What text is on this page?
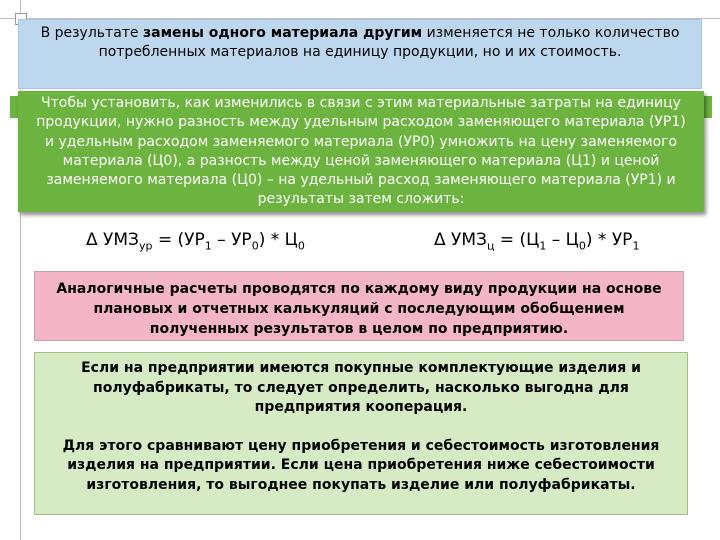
В результате замены одного материала другим изменяется не только количество потребленных материалов на единицу продукции, но и их стоимость.
Чтобы установить, как изменились в связи с этим материальные затраты на единицу продукции, нужно разность между удельным расходом заменяющего материала (УР1) и удельным расходом заменяемого материала (УР0) умножить на цену заменяемого материала (Ц0), а разность между ценой заменяющего материала (Ц1) и ценой заменяемого материала (Ц0) – на удельный расход заменяющего материала (УР1) и результаты затем сложить:
Δ $УМЗ_{ур} = (УР_1 - УР_0) * Ц_0$	Δ $УМЗ_ц = (Ц_1 - Ц_0) * УР_1$
Аналогичные расчеты проводятся по каждому виду продукции на основе плановых и отчетных калькуляций с последующим обобщением полученных результатов в целом по предприятию.

Если на предприятии имеются покупные комплектующие изделия и полуфабрикаты, то следует определить, насколько выгодна для предприятия кооперация.

Для этого сравнивают цену приобретения и себестоимость изготовления изделия на предприятии. Если цена приобретения ниже себестоимости изготовления, то выгоднее покупать изделие или полуфабрикаты.
